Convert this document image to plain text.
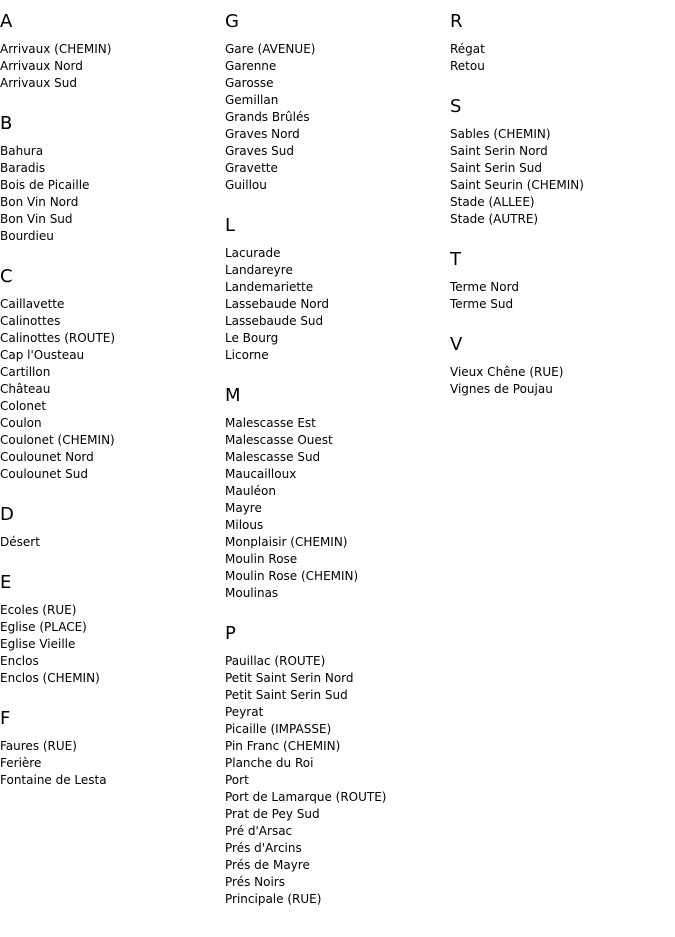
A
Arrivaux (CHEMIN)
Arrivaux Nord
Arrivaux Sud
B
Bahura
Baradis
Bois de Picaille
Bon Vin Nord
Bon Vin Sud
Bourdieu
C
Caillavette
Calinottes
Calinottes (ROUTE)
Cap l'Ousteau
Cartillon
Château
Colonet
Coulon
Coulonet (CHEMIN)
Coulounet Nord
Coulounet Sud
D
Désert
E
Ecoles (RUE)
Eglise (PLACE)
Eglise Vieille
Enclos
Enclos (CHEMIN)
F
Faures (RUE)
Ferière
Fontaine de Lesta
G
Gare (AVENUE)
Garenne
Garosse
Gemillan
Grands Brûlés
Graves Nord
Graves Sud
Gravette
Guillou
L
Lacurade
Landareyre
Landemariette
Lassebaude Nord
Lassebaude Sud
Le Bourg
Licorne
M
Malescasse Est
Malescasse Ouest
Malescasse Sud
Maucailloux
Mauléon
Mayre
Milous
Monplaisir (CHEMIN)
Moulin Rose
Moulin Rose (CHEMIN)
Moulinas
P
Pauillac (ROUTE)
Petit Saint Serin Nord
Petit Saint Serin Sud
Peyrat
Picaille (IMPASSE)
Pin Franc (CHEMIN)
Planche du Roi
Port
Port de Lamarque (ROUTE)
Prat de Pey Sud
Pré d'Arsac
Prés d'Arcins
Prés de Mayre
Prés Noirs
Principale (RUE)
R
Régat
Retou
S
Sables (CHEMIN)
Saint Serin Nord
Saint Serin Sud
Saint Seurin (CHEMIN)
Stade (ALLEE)
Stade (AUTRE)
T
Terme Nord
Terme Sud
V
Vieux Chêne (RUE)
Vignes de Poujau
